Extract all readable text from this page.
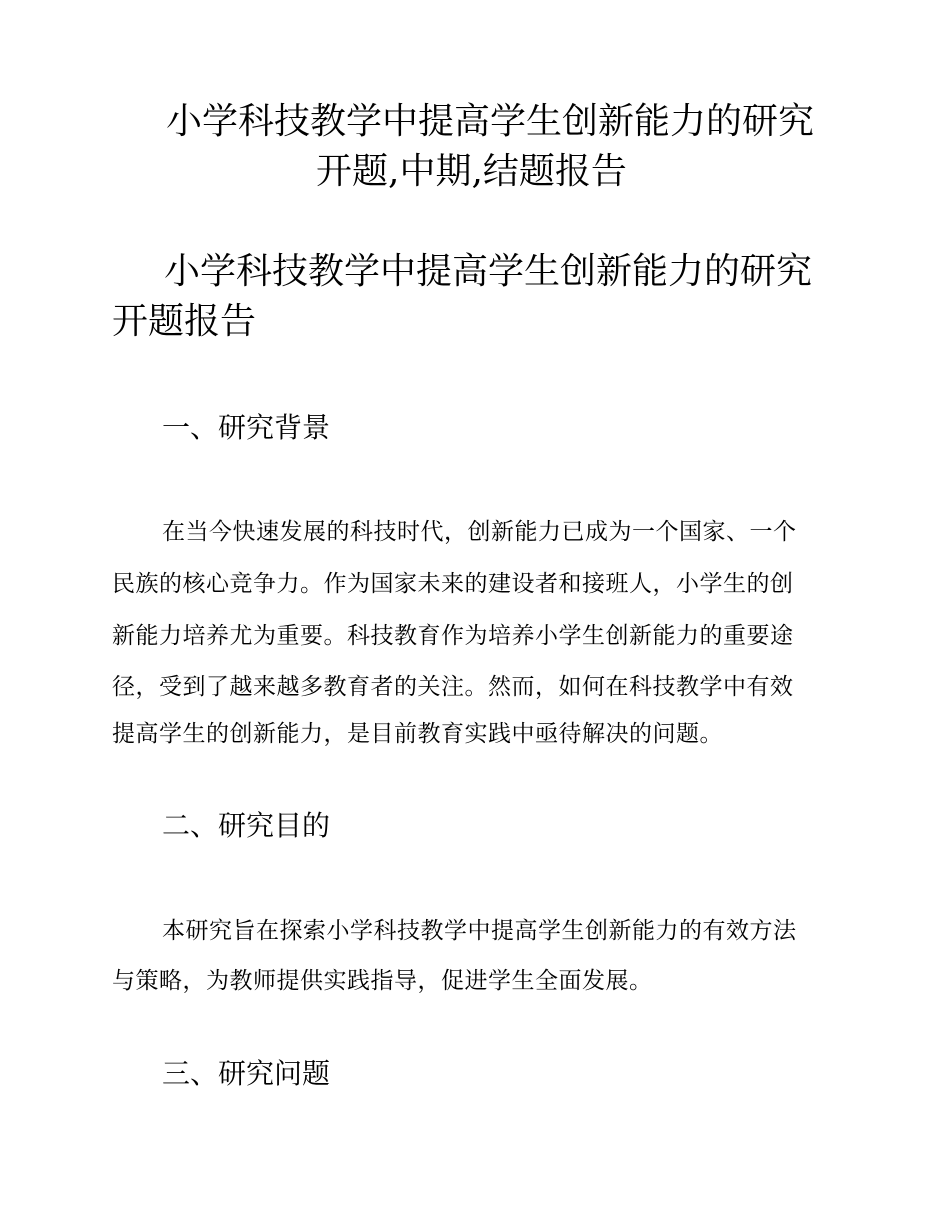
小学科技教学中提高学生创新能力的研究
开题,中期,结题报告
小学科技教学中提高学生创新能力的研究
开题报告
一、研究背景
在当今快速发展的科技时代，创新能力已成为一个国家、一个
民族的核心竞争力。作为国家未来的建设者和接班人，小学生的创
新能力培养尤为重要。科技教育作为培养小学生创新能力的重要途
径，受到了越来越多教育者的关注。然而，如何在科技教学中有效
提高学生的创新能力，是目前教育实践中亟待解决的问题。
二、研究目的
本研究旨在探索小学科技教学中提高学生创新能力的有效方法
与策略，为教师提供实践指导，促进学生全面发展。
三、研究问题
